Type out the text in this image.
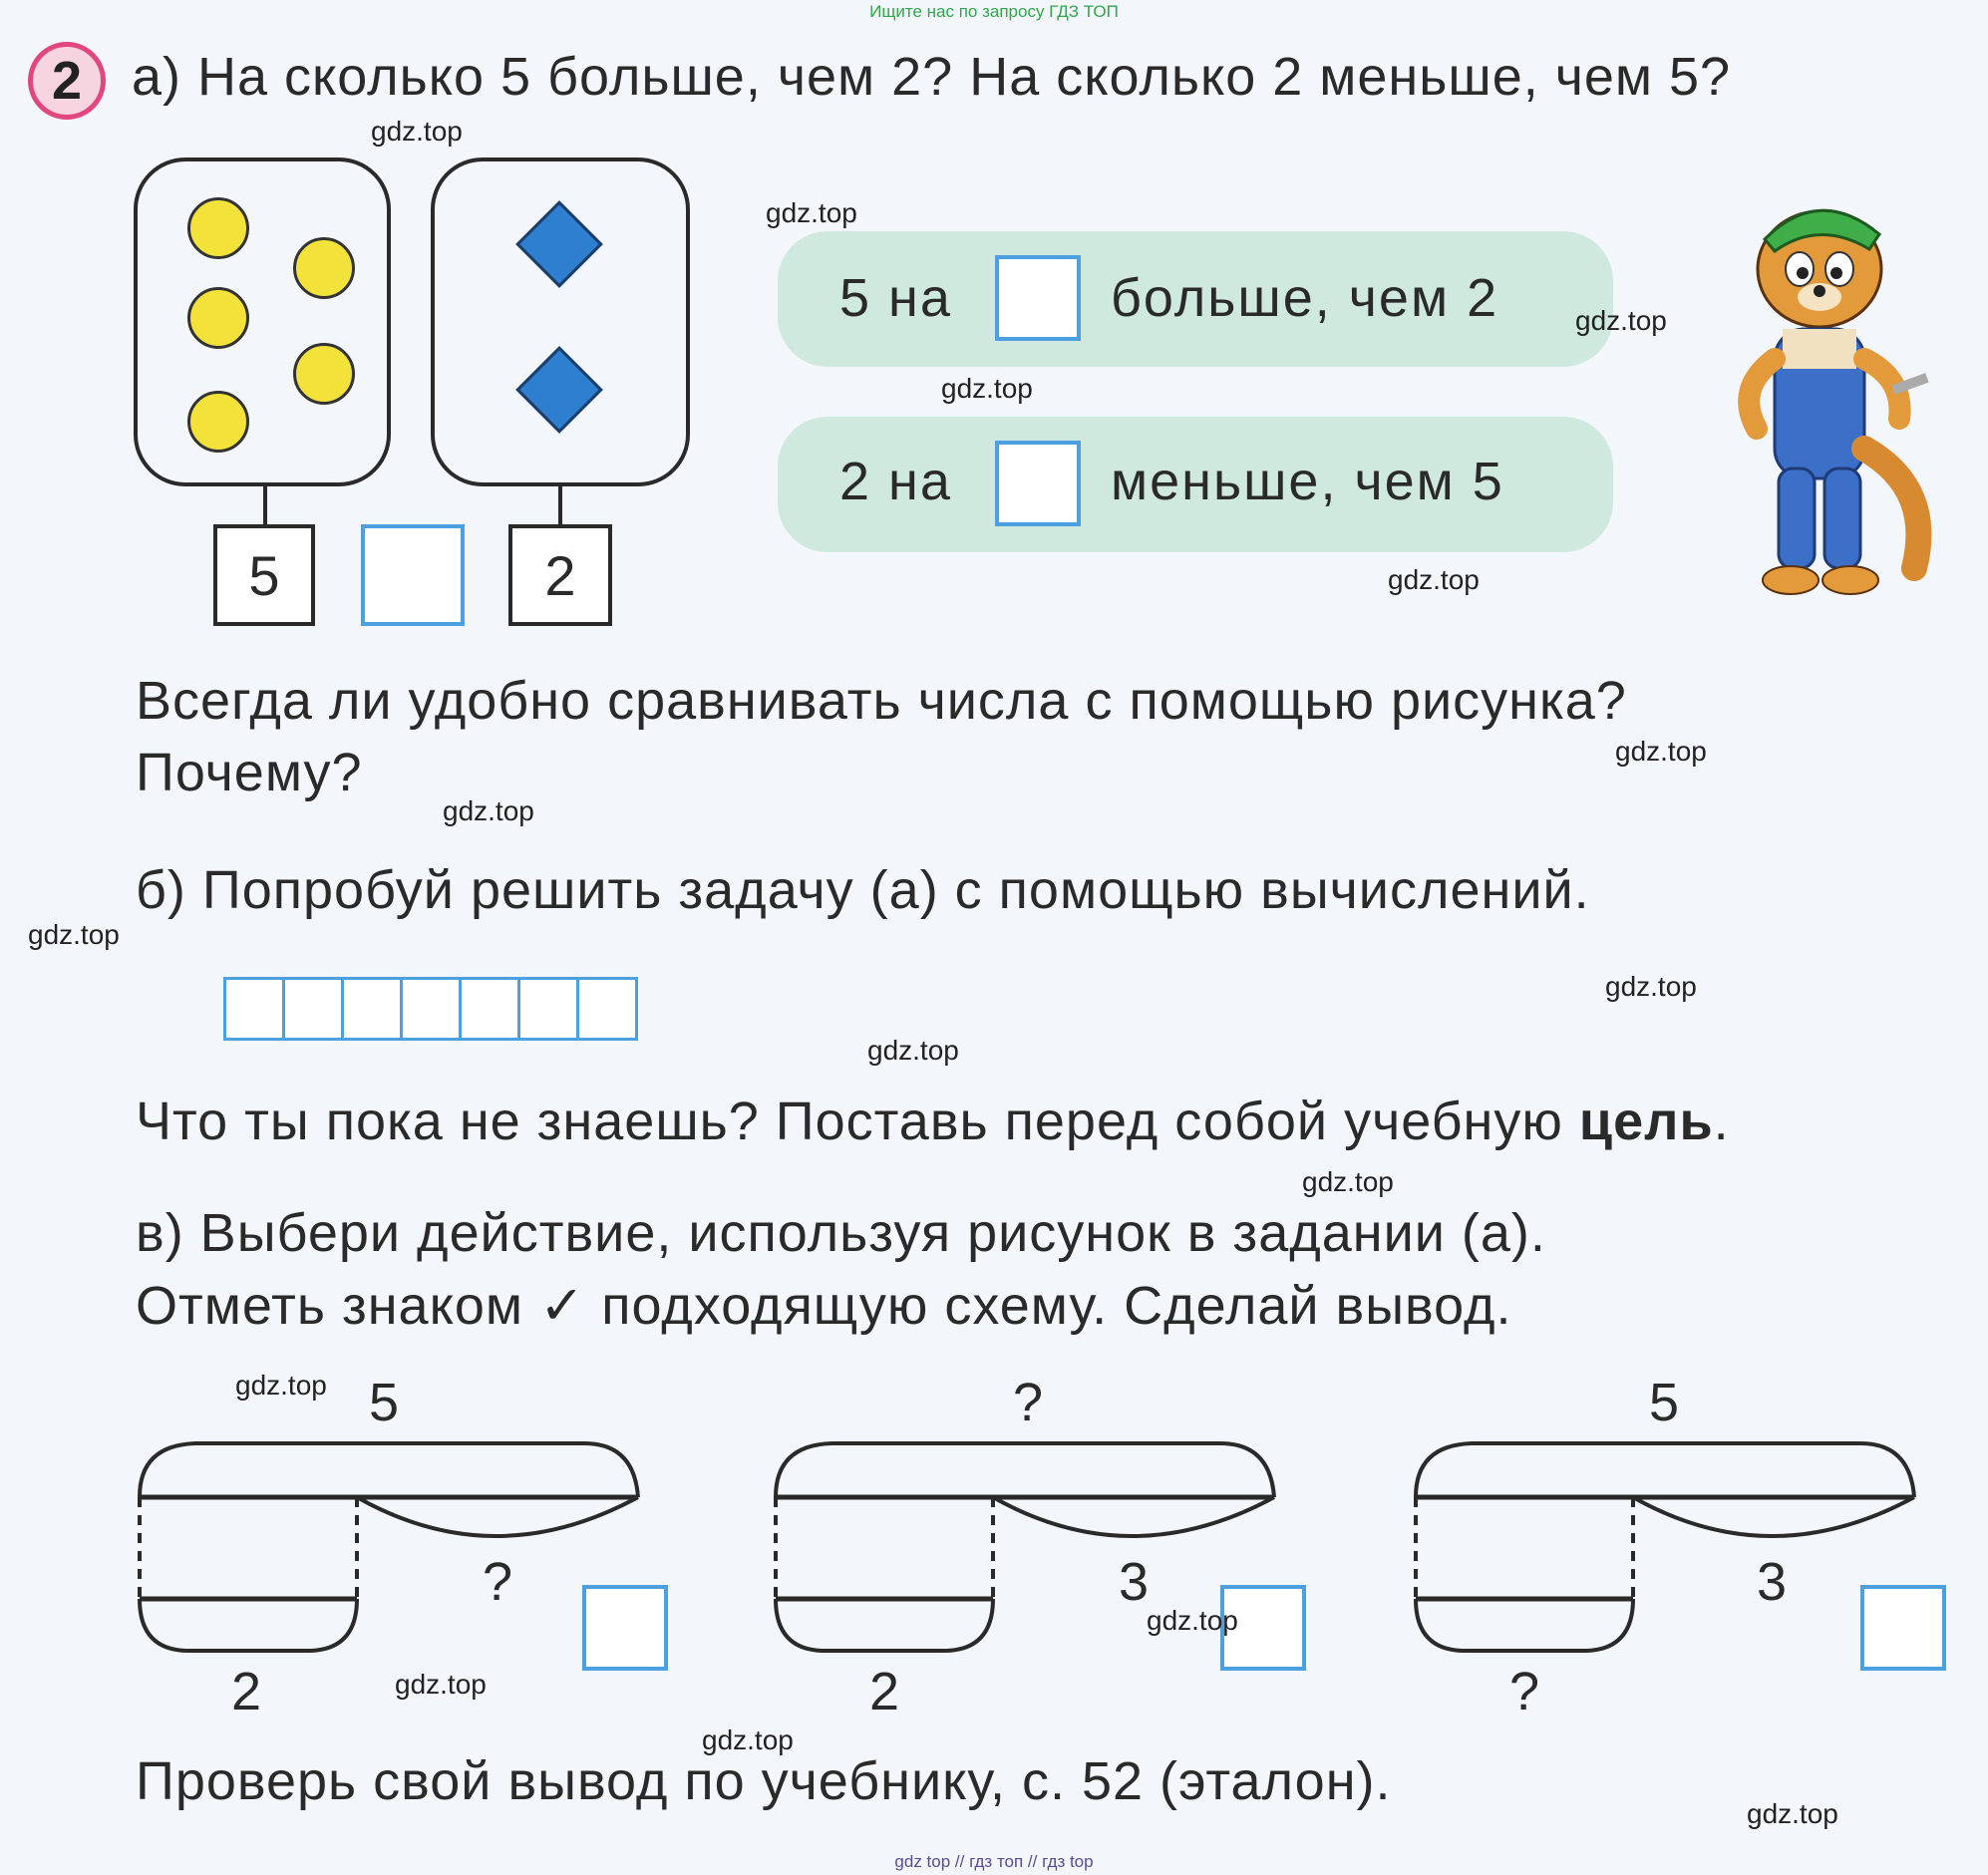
Ищите нас по запросу ГДЗ ТОП
2 а) На сколько 5 больше, чем 2? На сколько 2 меньше, чем 5?
5	2
5 на	больше, чем 2
2 на	меньше, чем 5
Всегда ли удобно сравнивать числа с помощью рисунка?
Почему?
б) Попробуй решить задачу (а) с помощью вычислений.
Что ты пока не знаешь? Поставь перед собой учебную цель.
в) Выбери действие, используя рисунок в задании (а).
Отметь знаком ✓ подходящую схему. Сделай вывод.
5
?
2
?
3
2
5
3
?
Проверь свой вывод по учебнику, с. 52 (эталон).
gdz.top
gdz.top
gdz.top
gdz.top
gdz.top
gdz.top
gdz.top
gdz.top
gdz.top
gdz.top
gdz.top
gdz.top
gdz.top
gdz.top
gdz.top
gdz.top
gdz top // гдз топ // гдз top
